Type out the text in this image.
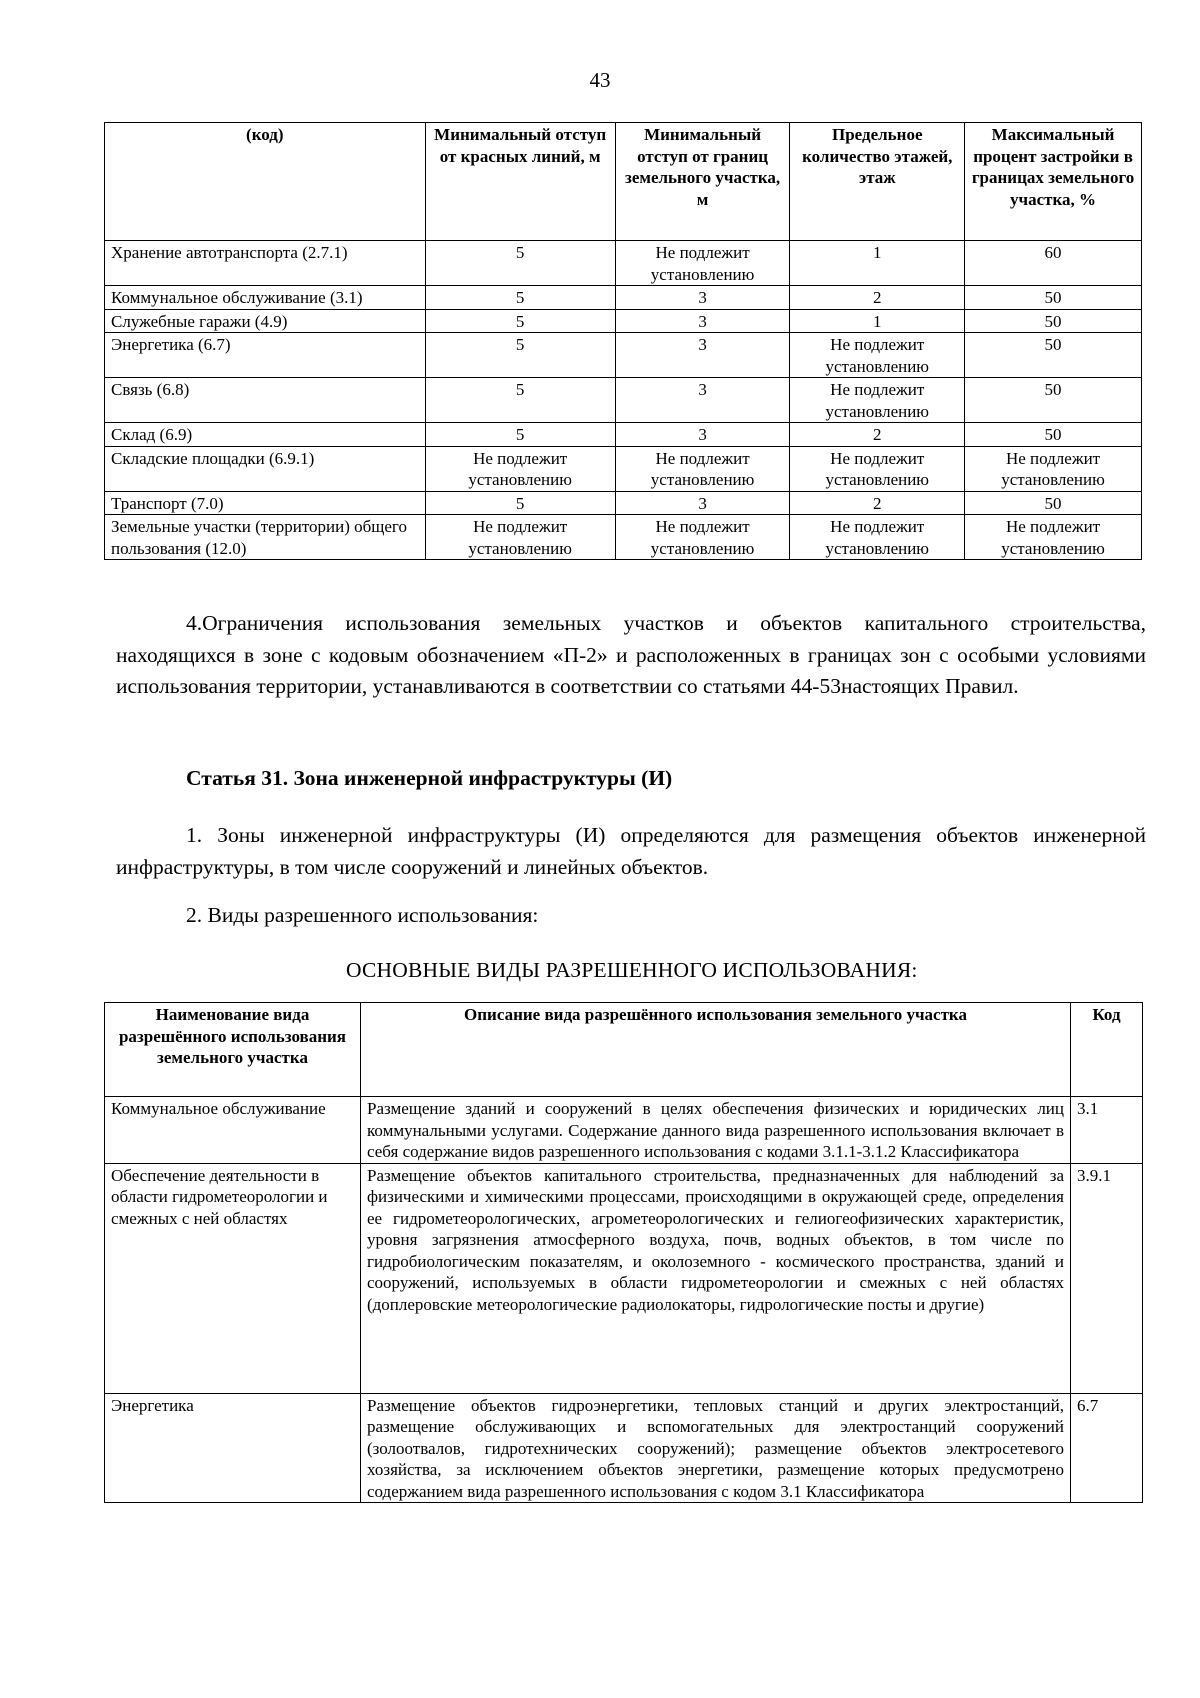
43
(код)	Минимальный отступ от красных линий, м	Минимальный отступ от границ земельного участка, м	Предельное количество этажей, этаж	Максимальный процент застройки в границах земельного участка, %
Хранение автотранспорта (2.7.1)	5	Не подлежит установлению	1	60
Коммунальное обслуживание (3.1)	5	3	2	50
Служебные гаражи (4.9)	5	3	1	50
Энергетика (6.7)	5	3	Не подлежит установлению	50
Связь (6.8)	5	3	Не подлежит установлению	50
Склад (6.9)	5	3	2	50
Складские площадки (6.9.1)	Не подлежит установлению	Не подлежит установлению	Не подлежит установлению	Не подлежит установлению
Транспорт (7.0)	5	3	2	50
Земельные участки (территории) общего пользования (12.0)	Не подлежит установлению	Не подлежит установлению	Не подлежит установлению	Не подлежит установлению
4.Ограничения использования земельных участков и объектов капитального строительства, находящихся в зоне с кодовым обозначением «П-2» и расположенных в границах зон с особыми условиями использования территории, устанавливаются в соответствии со статьями 44-53настоящих Правил.
Статья 31. Зона инженерной инфраструктуры (И)
1. Зоны инженерной инфраструктуры (И) определяются для размещения объектов инженерной инфраструктуры, в том числе сооружений и линейных объектов.
2. Виды разрешенного использования:
ОСНОВНЫЕ ВИДЫ РАЗРЕШЕННОГО ИСПОЛЬЗОВАНИЯ:
Наименование вида разрешённого использования земельного участка	Описание вида разрешённого использования земельного участка	Код
Коммунальное обслуживание	Размещение зданий и сооружений в целях обеспечения физических и юридических лиц коммунальными услугами. Содержание данного вида разрешенного использования включает в себя содержание видов разрешенного использования с кодами 3.1.1-3.1.2 Классификатора	3.1
Обеспечение деятельности в области гидрометеорологии и смежных с ней областях	Размещение объектов капитального строительства, предназначенных для наблюдений за физическими и химическими процессами, происходящими в окружающей среде, определения ее гидрометеорологических, агрометеорологических и гелиогеофизических характеристик, уровня загрязнения атмосферного воздуха, почв, водных объектов, в том числе по гидробиологическим показателям, и околоземного - космического пространства, зданий и сооружений, используемых в области гидрометеорологии и смежных с ней областях (доплеровские метеорологические радиолокаторы, гидрологические посты и другие)	3.9.1
Энергетика	Размещение объектов гидроэнергетики, тепловых станций и других электростанций, размещение обслуживающих и вспомогательных для электростанций сооружений (золоотвалов, гидротехнических сооружений); размещение объектов электросетевого хозяйства, за исключением объектов энергетики, размещение которых предусмотрено содержанием вида разрешенного использования с кодом 3.1 Классификатора	6.7
